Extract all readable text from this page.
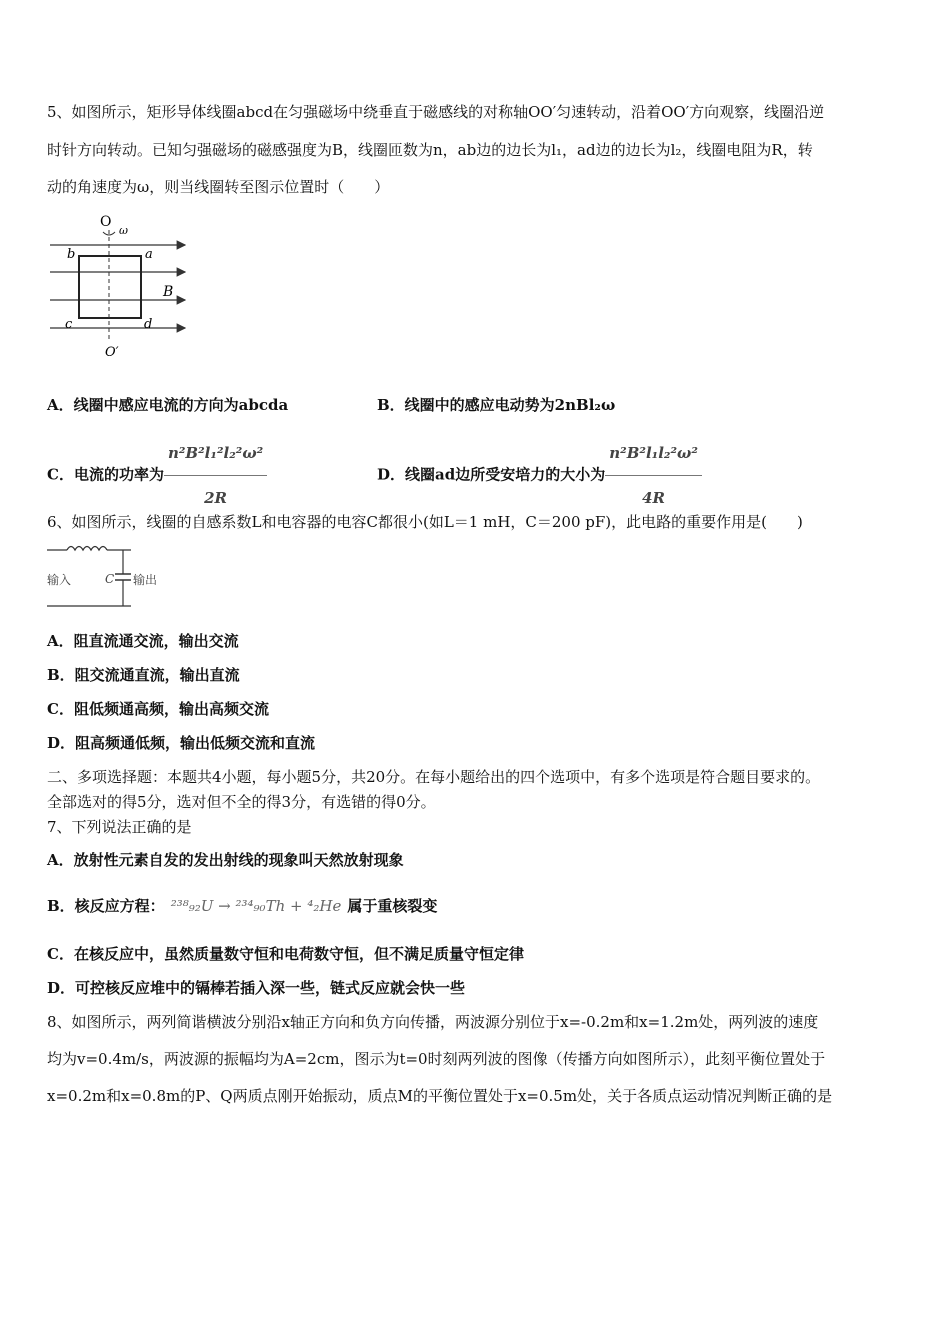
5、如图所示，矩形导体线圈abcd在匀强磁场中绕垂直于磁感线的对称轴OO′匀速转动，沿着OO′方向观察，线圈沿逆
时针方向转动。已知匀强磁场的磁感强度为B，线圈匝数为n，ab边的边长为l₁，ad边的边长为l₂，线圈电阻为R，转
动的角速度为ω，则当线圈转至图示位置时（　　）
O
ω
b	a
c	d
B
O′
A．线圈中感应电流的方向为abcda	B．线圈中的感应电动势为2nBl₂ω
C．电流的功率为 $\frac{\text{n²B²l₁²l₂²ω²}}{2R}$	D．线圈ad边所受安培力的大小为 $\frac{\text{n²B²l₁l₂²ω²}}{4R}$
6、如图所示，线圈的自感系数L和电容器的电容C都很小(如L＝1 mH，C＝200 pF)，此电路的重要作用是(　　)
输入	C 输出
A．阻直流通交流，输出交流
B．阻交流通直流，输出直流
C．阻低频通高频，输出高频交流
D．阻高频通低频，输出低频交流和直流
二、多项选择题：本题共4小题，每小题5分，共20分。在每小题给出的四个选项中，有多个选项是符合题目要求的。
全部选对的得5分，选对但不全的得3分，有选错的得0分。
7、下列说法正确的是
A．放射性元素自发的发出射线的现象叫天然放射现象
B．核反应方程： ²³⁸₉₂U → ²³⁴₉₀Th + ⁴₂He 属于重核裂变
C．在核反应中，虽然质量数守恒和电荷数守恒，但不满足质量守恒定律
D．可控核反应堆中的镉棒若插入深一些，链式反应就会快一些
8、如图所示，两列简谐横波分别沿x轴正方向和负方向传播，两波源分别位于x=-0.2m和x=1.2m处，两列波的速度
均为v=0.4m/s，两波源的振幅均为A=2cm，图示为t=0时刻两列波的图像（传播方向如图所示），此刻平衡位置处于
x=0.2m和x=0.8m的P、Q两质点刚开始振动，质点M的平衡位置处于x=0.5m处，关于各质点运动情况判断正确的是
